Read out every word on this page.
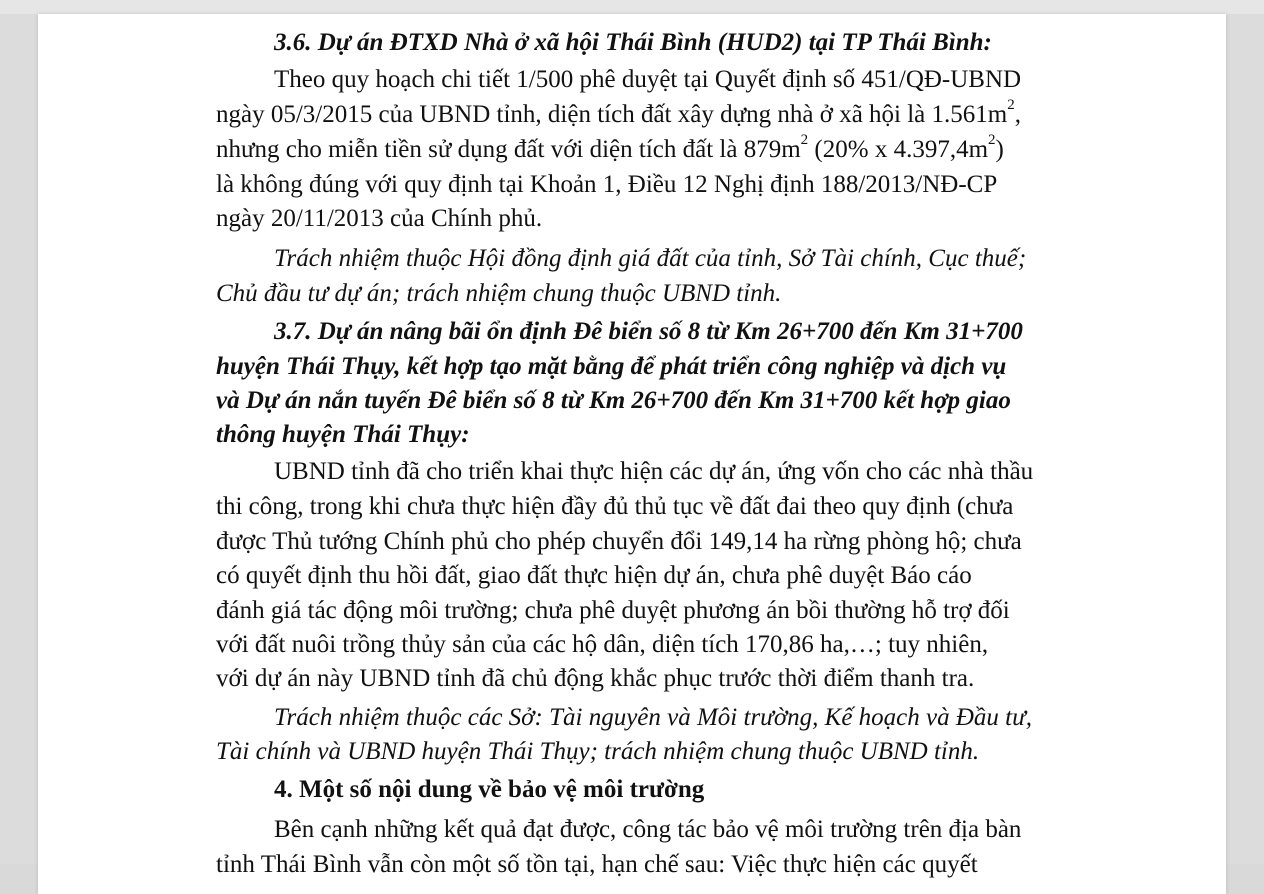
3.6. Dự án ĐTXD Nhà ở xã hội Thái Bình (HUD2) tại TP Thái Bình:
Theo quy hoạch chi tiết 1/500 phê duyệt tại Quyết định số 451/QĐ-UBND
ngày 05/3/2015 của UBND tỉnh, diện tích đất xây dựng nhà ở xã hội là $1.561m^2$,
nhưng cho miễn tiền sử dụng đất với diện tích đất là $879m^2$ (20% x $4.397,4m^2$)
là không đúng với quy định tại Khoản 1, Điều 12 Nghị định 188/2013/NĐ-CP
ngày 20/11/2013 của Chính phủ.
Trách nhiệm thuộc Hội đồng định giá đất của tỉnh, Sở Tài chính, Cục thuế;
Chủ đầu tư dự án; trách nhiệm chung thuộc UBND tỉnh.
3.7. Dự án nâng bãi ổn định Đê biển số 8 từ Km 26+700 đến Km 31+700
huyện Thái Thụy, kết hợp tạo mặt bằng để phát triển công nghiệp và dịch vụ
và Dự án nắn tuyến Đê biển số 8 từ Km 26+700 đến Km 31+700 kết hợp giao
thông huyện Thái Thụy:
UBND tỉnh đã cho triển khai thực hiện các dự án, ứng vốn cho các nhà thầu
thi công, trong khi chưa thực hiện đầy đủ thủ tục về đất đai theo quy định (chưa
được Thủ tướng Chính phủ cho phép chuyển đổi 149,14 ha rừng phòng hộ; chưa
có quyết định thu hồi đất, giao đất thực hiện dự án, chưa phê duyệt Báo cáo
đánh giá tác động môi trường; chưa phê duyệt phương án bồi thường hỗ trợ đối
với đất nuôi trồng thủy sản của các hộ dân, diện tích 170,86 ha,…; tuy nhiên,
với dự án này UBND tỉnh đã chủ động khắc phục trước thời điểm thanh tra.
Trách nhiệm thuộc các Sở: Tài nguyên và Môi trường, Kế hoạch và Đầu tư,
Tài chính và UBND huyện Thái Thụy; trách nhiệm chung thuộc UBND tỉnh.
4. Một số nội dung về bảo vệ môi trường
Bên cạnh những kết quả đạt được, công tác bảo vệ môi trường trên địa bàn
tỉnh Thái Bình vẫn còn một số tồn tại, hạn chế sau: Việc thực hiện các quyết
